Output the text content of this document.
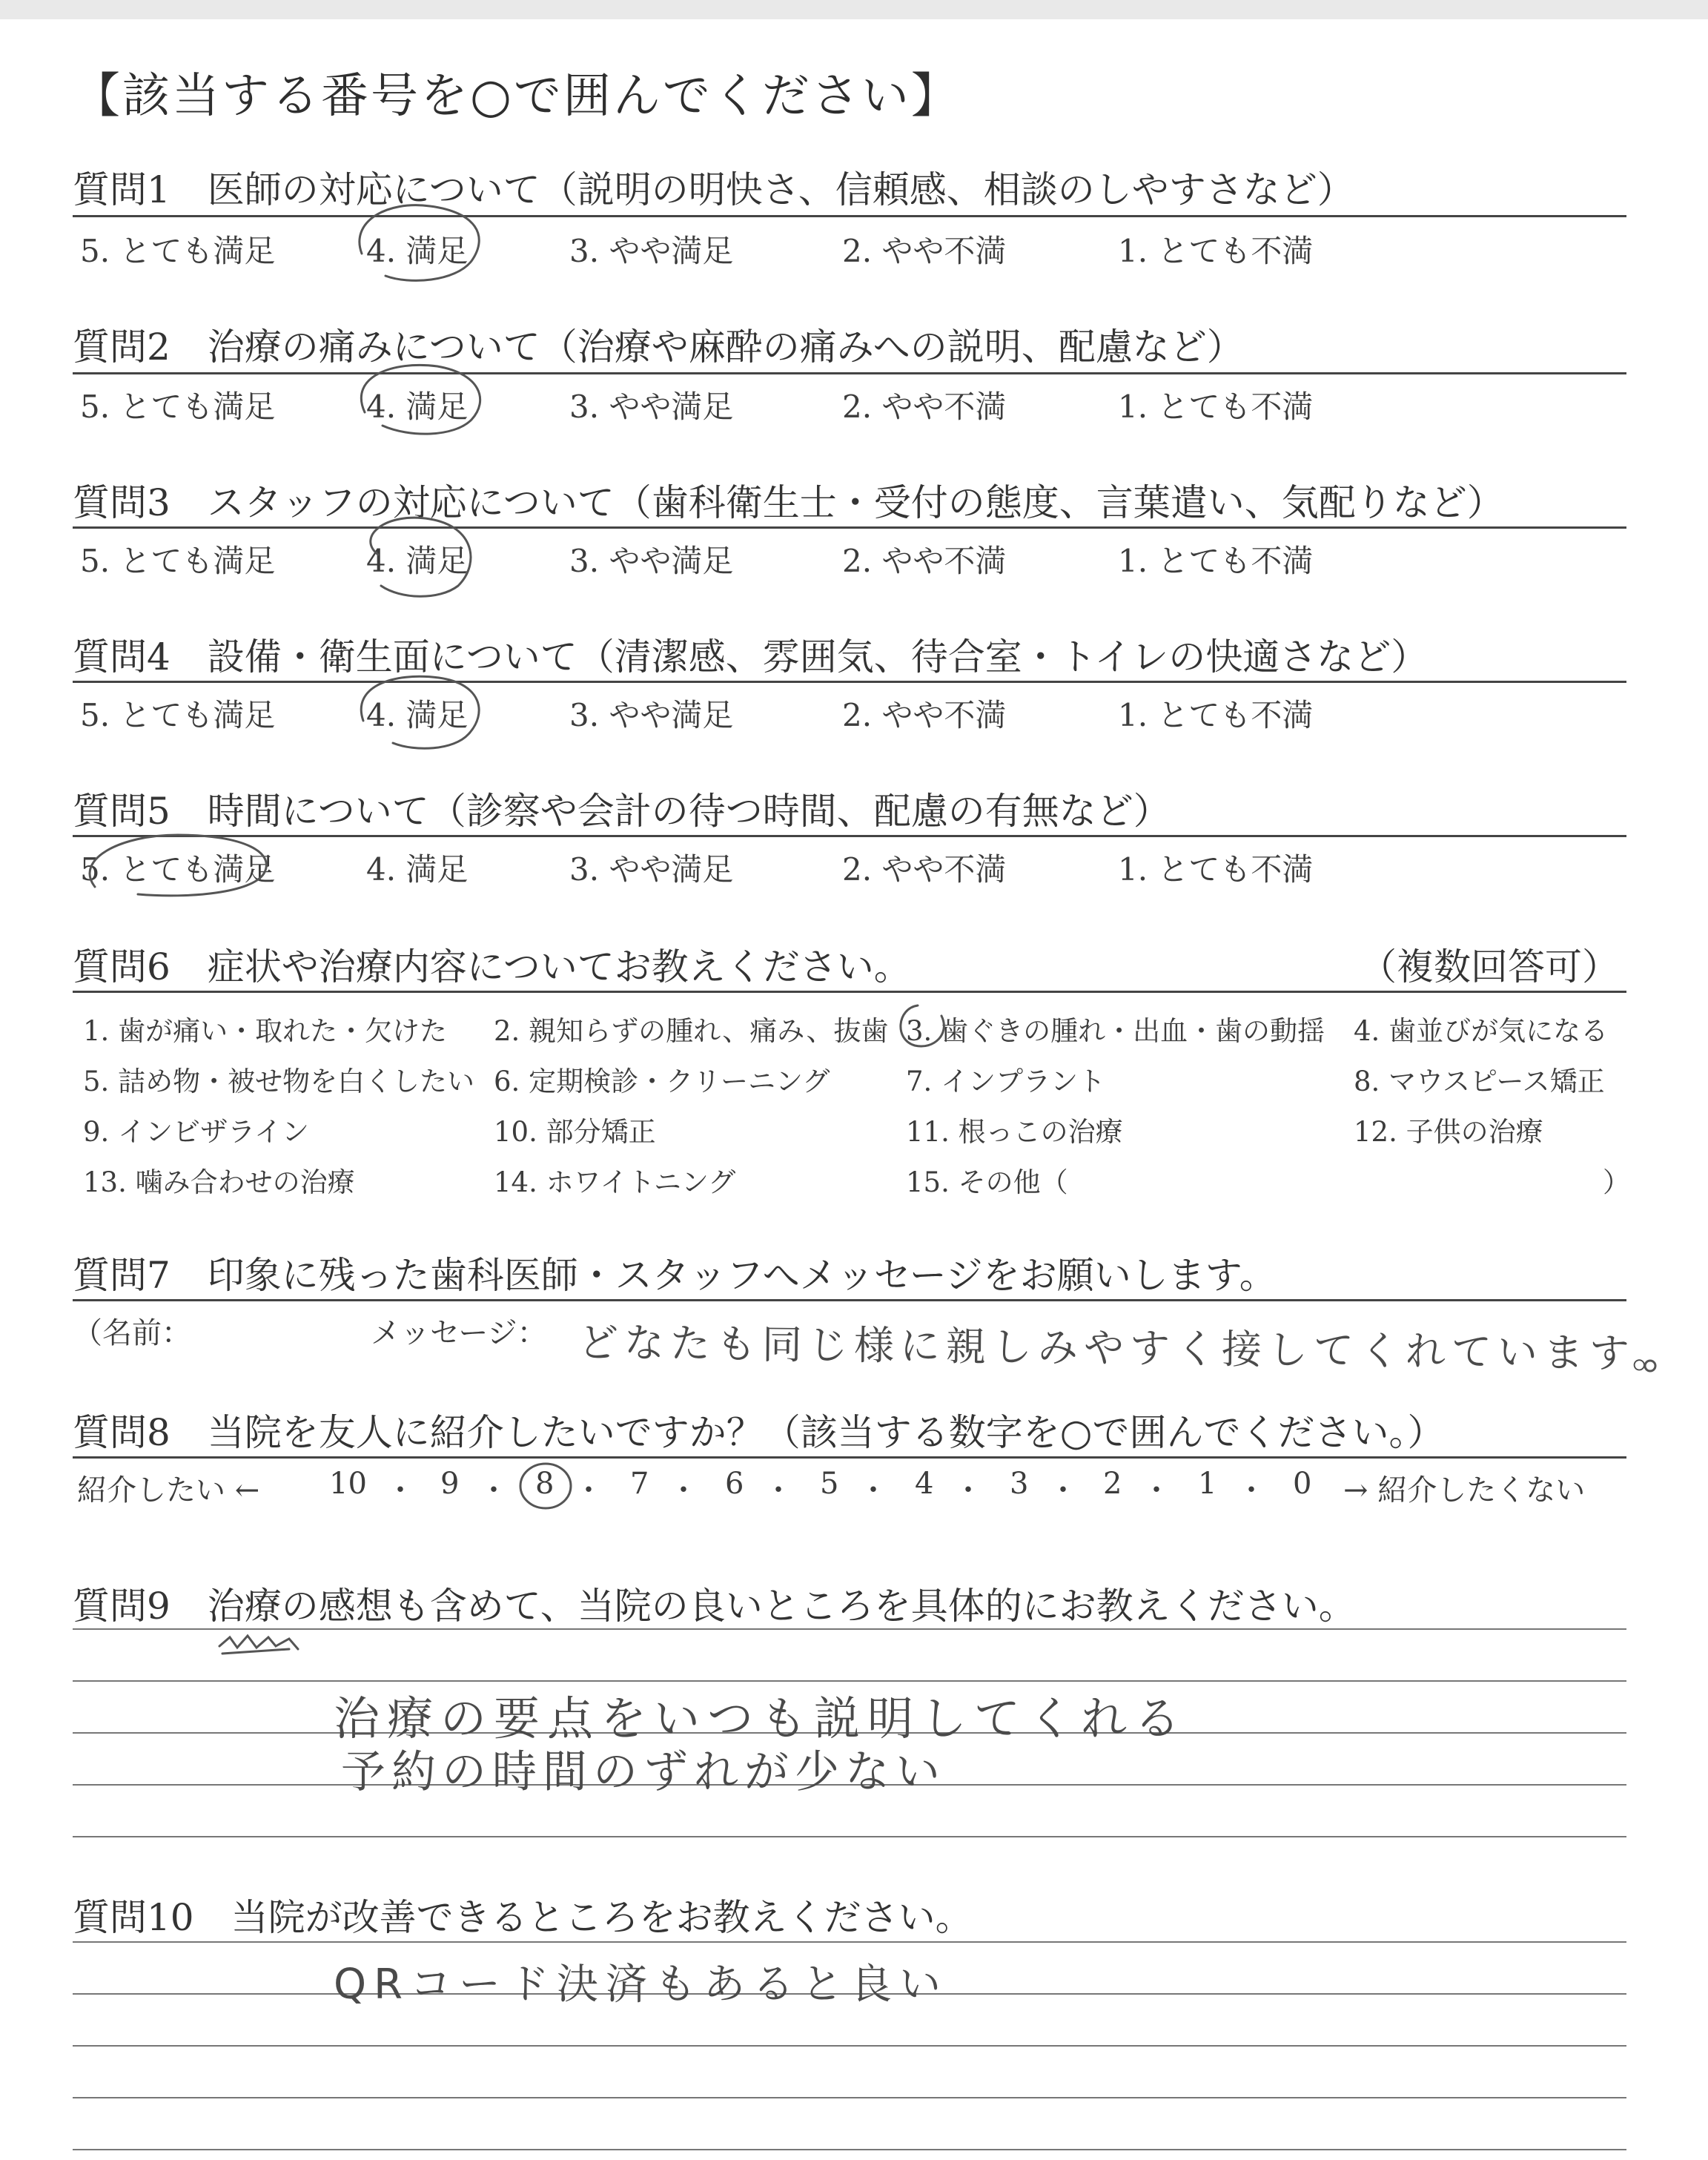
【該当する番号を○で囲んでください】
質問1　医師の対応について（説明の明快さ、信頼感、相談のしやすさなど）
5. とても満足	4. 満足	3. やや満足	2. やや不満	1. とても不満
質問2　治療の痛みについて（治療や麻酔の痛みへの説明、配慮など）
5. とても満足	4. 満足	3. やや満足	2. やや不満	1. とても不満
質問3　スタッフの対応について（歯科衛生士・受付の態度、言葉遣い、気配りなど）
5. とても満足	4. 満足	3. やや満足	2. やや不満	1. とても不満
質問4　設備・衛生面について（清潔感、雰囲気、待合室・トイレの快適さなど）
5. とても満足	4. 満足	3. やや満足	2. やや不満	1. とても不満
質問5　時間について（診察や会計の待つ時間、配慮の有無など）
5. とても満足	4. 満足	3. やや満足	2. やや不満	1. とても不満
質問6　症状や治療内容についてお教えください。	（複数回答可）
1. 歯が痛い・取れた・欠けた 2. 親知らずの腫れ、痛み、抜歯 3. 歯ぐきの腫れ・出血・歯の動揺 4. 歯並びが気になる
5. 詰め物・被せ物を白くしたい 6. 定期検診・クリーニング	7. インプラント	8. マウスピース矯正
9. インビザライン	10. 部分矯正	11. 根っこの治療	12. 子供の治療
13. 噛み合わせの治療	14. ホワイトニング	15. その他（	）
質問7　印象に残った歯科医師・スタッフへメッセージをお願いします。
（名前：	メッセージ： どなたも同じ様に親しみやすく接してくれています。
質問8　当院を友人に紹介したいですか？（該当する数字を○で囲んでください。）
紹介したい ← 10 ・ 9 ・ 8 ・ 7 ・ 6 ・ 5 ・ 4 ・ 3 ・ 2 ・ 1 ・ 0 → 紹介したくない
質問9　治療の感想も含めて、当院の良いところを具体的にお教えください。
治療の要点をいつも説明してくれる
予約の時間のずれが少ない
質問10　当院が改善できるところをお教えください。
QRコード決済もあると良い
